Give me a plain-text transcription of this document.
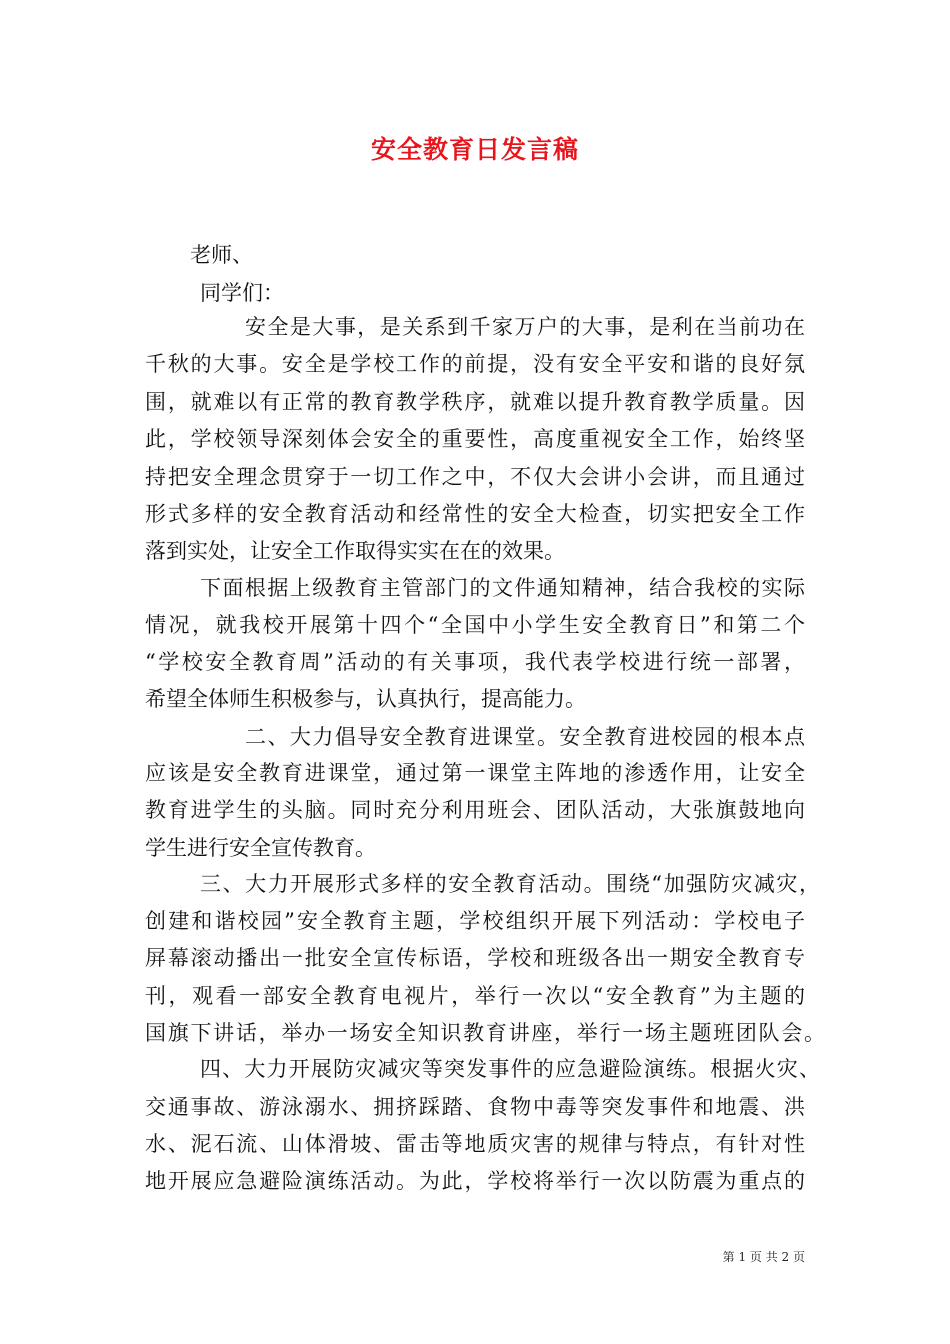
安全教育日发言稿
老师、
同学们：
安全是大事，是关系到千家万户的大事，是利在当前功在
千秋的大事。安全是学校工作的前提，没有安全平安和谐的良好氛
围，就难以有正常的教育教学秩序，就难以提升教育教学质量。因
此，学校领导深刻体会安全的重要性，高度重视安全工作，始终坚
持把安全理念贯穿于一切工作之中，不仅大会讲小会讲，而且通过
形式多样的安全教育活动和经常性的安全大检查，切实把安全工作
落到实处，让安全工作取得实实在在的效果。
下面根据上级教育主管部门的文件通知精神，结合我校的实际
情况，就我校开展第十四个“全国中小学生安全教育日”和第二个
“学校安全教育周”活动的有关事项，我代表学校进行统一部署，
希望全体师生积极参与，认真执行，提高能力。
二、大力倡导安全教育进课堂。安全教育进校园的根本点
应该是安全教育进课堂，通过第一课堂主阵地的渗透作用，让安全
教育进学生的头脑。同时充分利用班会、团队活动，大张旗鼓地向
学生进行安全宣传教育。
三、大力开展形式多样的安全教育活动。围绕“加强防灾减灾，
创建和谐校园”安全教育主题，学校组织开展下列活动：学校电子
屏幕滚动播出一批安全宣传标语，学校和班级各出一期安全教育专
刊，观看一部安全教育电视片，举行一次以“安全教育”为主题的
国旗下讲话，举办一场安全知识教育讲座，举行一场主题班团队会。
四、大力开展防灾减灾等突发事件的应急避险演练。根据火灾、
交通事故、游泳溺水、拥挤踩踏、食物中毒等突发事件和地震、洪
水、泥石流、山体滑坡、雷击等地质灾害的规律与特点，有针对性
地开展应急避险演练活动。为此，学校将举行一次以防震为重点的
第 1 页 共 2 页
